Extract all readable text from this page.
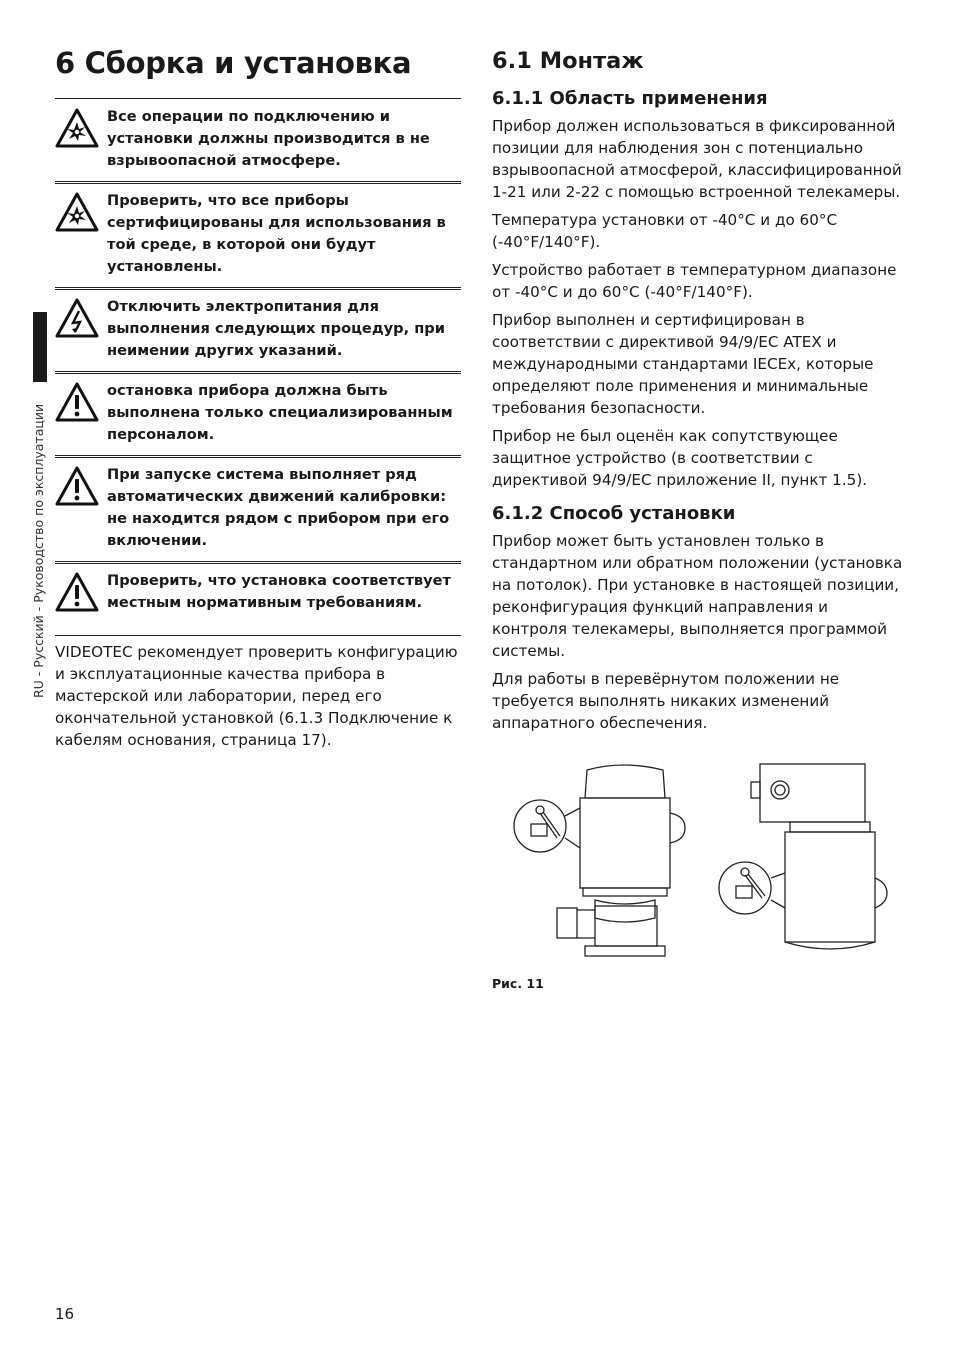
RU - Русский - Руководство по эксплуатации
6 Сборка и установка
Все операции по подключению и установки должны производится в не взрывоопасной атмосфере.
Проверить, что все приборы сертифицированы для использования в той среде, в которой они будут установлены.
Отключить электропитания для выполнения следующих процедур, при неимении других указаний.
остановка прибора должна быть выполнена только специализированным персоналом.
При запуске система выполняет ряд автоматических движений калибровки: не находится рядом с прибором при его включении.
Проверить, что установка соответствует местным нормативным требованиям.

VIDEOTEC рекомендует проверить конфигурацию и эксплуатационные качества прибора в мастерской или лаборатории, перед его окончательной установкой (6.1.3 Подключение к кабелям основания, страница 17).

6.1 Монтаж
6.1.1 Область применения

Прибор должен использоваться в фиксированной позиции для наблюдения зон с потенциально взрывоопасной атмосферой, классифицированной 1-21 или 2-22 с помощью встроенной телекамеры.

Температура установки от -40°C и до 60°C (-40°F/140°F).

Устройство работает в температурном диапазоне от -40°C и до 60°C (-40°F/140°F).

Прибор выполнен и сертифицирован в соответствии с директивой 94/9/EC ATEX и международными стандартами IECEx, которые определяют поле применения и минимальные требования безопасности.

Прибор не был оценён как сопутствующее защитное устройство (в соответствии с директивой 94/9/EC приложение II, пункт 1.5).

6.1.2 Способ установки

Прибор может быть установлен только в стандартном или обратном положении (установка на потолок). При установке в настоящей позиции, реконфигурация функций направления и контроля телекамеры, выполняется программой системы.

Для работы в перевёрнутом положении не требуется выполнять никаких изменений аппаратного обеспечения.

Рис. 11
16
